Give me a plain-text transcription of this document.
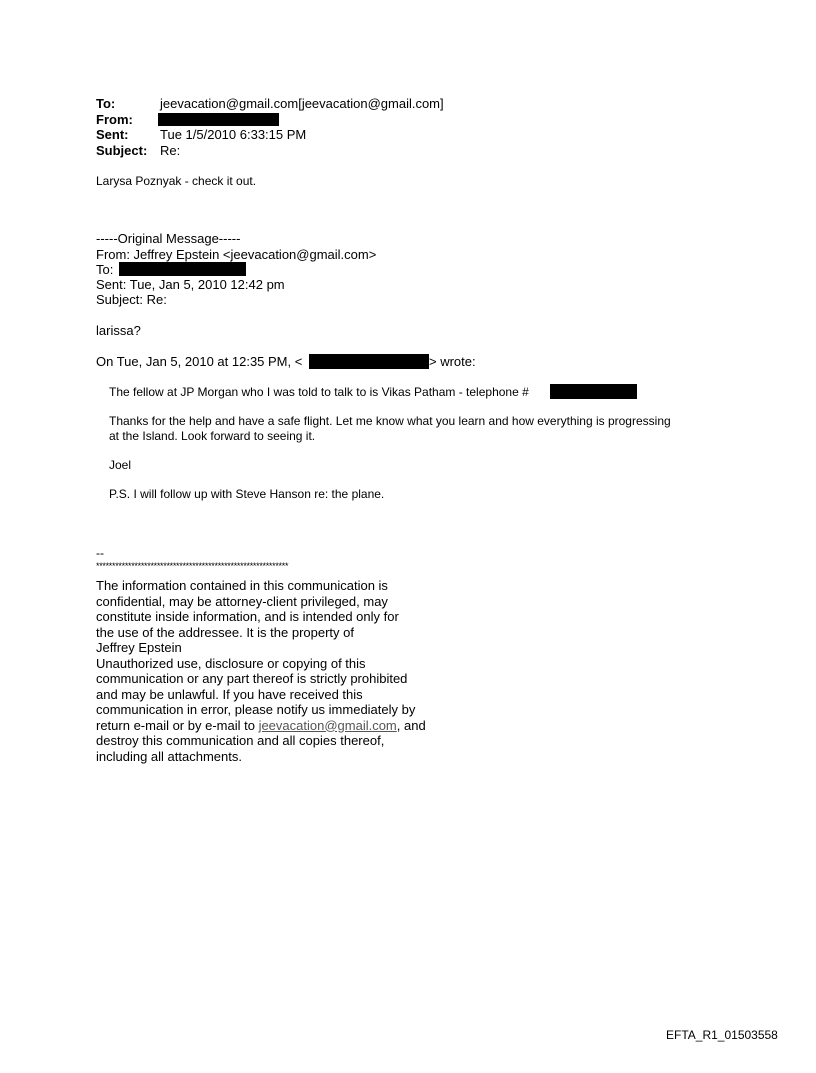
To:	jeevacation@gmail.com[jeevacation@gmail.com]
From:
Sent: Tue 1/5/2010 6:33:15 PM
Subject: Re:
Larysa Poznyak - check it out.
-----Original Message-----
From: Jeffrey Epstein <jeevacation@gmail.com>
To:
Sent: Tue, Jan 5, 2010 12:42 pm
Subject: Re:
larissa?
On Tue, Jan 5, 2010 at 12:35 PM, <	> wrote:
The fellow at JP Morgan who I was told to talk to is Vikas Patham - telephone #
Thanks for the help and have a safe flight. Let me know what you learn and how everything is progressing
at the Island. Look forward to seeing it.
Joel
P.S. I will follow up with Steve Hanson re: the plane.
--
************************************************************
The information contained in this communication is
confidential, may be attorney-client privileged, may
constitute inside information, and is intended only for
the use of the addressee. It is the property of
Jeffrey Epstein
Unauthorized use, disclosure or copying of this
communication or any part thereof is strictly prohibited
and may be unlawful. If you have received this
communication in error, please notify us immediately by
return e-mail or by e-mail to jeevacation@gmail.com, and
destroy this communication and all copies thereof,
including all attachments.
EFTA_R1_01503558
